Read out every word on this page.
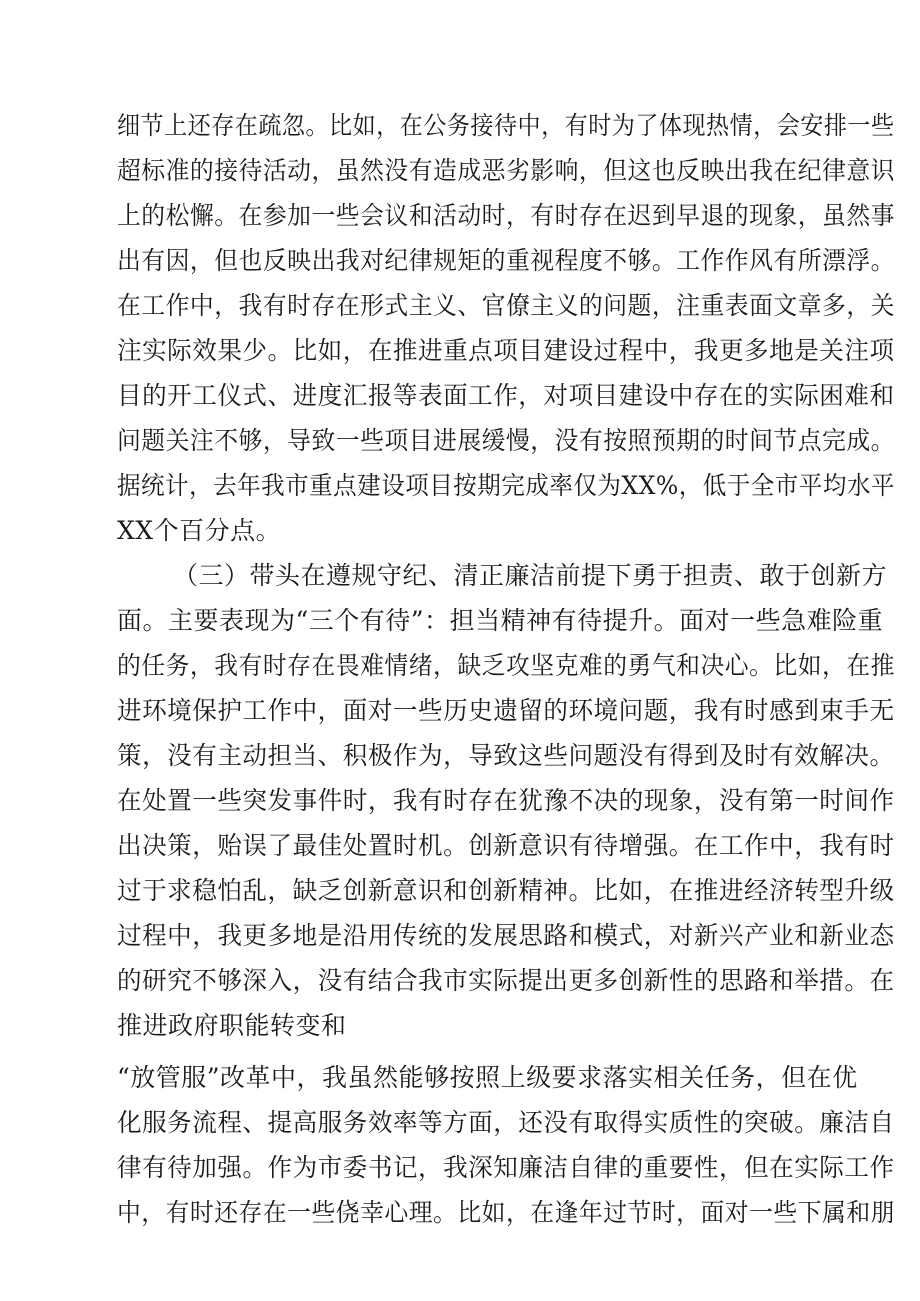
细节上还存在疏忽。比如，在公务接待中，有时为了体现热情，会安排一些
超标准的接待活动，虽然没有造成恶劣影响，但这也反映出我在纪律意识
上的松懈。在参加一些会议和活动时，有时存在迟到早退的现象，虽然事
出有因，但也反映出我对纪律规矩的重视程度不够。工作作风有所漂浮。
在工作中，我有时存在形式主义、官僚主义的问题，注重表面文章多，关
注实际效果少。比如，在推进重点项目建设过程中，我更多地是关注项
目的开工仪式、进度汇报等表面工作，对项目建设中存在的实际困难和
问题关注不够，导致一些项目进展缓慢，没有按照预期的时间节点完成。
据统计，去年我市重点建设项目按期完成率仅为XX%，低于全市平均水平
XX个百分点。
（三）带头在遵规守纪、清正廉洁前提下勇于担责、敢于创新方
面。主要表现为“三个有待”：担当精神有待提升。面对一些急难险重
的任务，我有时存在畏难情绪，缺乏攻坚克难的勇气和决心。比如，在推
进环境保护工作中，面对一些历史遗留的环境问题，我有时感到束手无
策，没有主动担当、积极作为，导致这些问题没有得到及时有效解决。
在处置一些突发事件时，我有时存在犹豫不决的现象，没有第一时间作
出决策，贻误了最佳处置时机。创新意识有待增强。在工作中，我有时
过于求稳怕乱，缺乏创新意识和创新精神。比如，在推进经济转型升级
过程中，我更多地是沿用传统的发展思路和模式，对新兴产业和新业态
的研究不够深入，没有结合我市实际提出更多创新性的思路和举措。在
推进政府职能转变和
“放管服”改革中，我虽然能够按照上级要求落实相关任务，但在优
化服务流程、提高服务效率等方面，还没有取得实质性的突破。廉洁自
律有待加强。作为市委书记，我深知廉洁自律的重要性，但在实际工作
中，有时还存在一些侥幸心理。比如，在逢年过节时，面对一些下属和朋
